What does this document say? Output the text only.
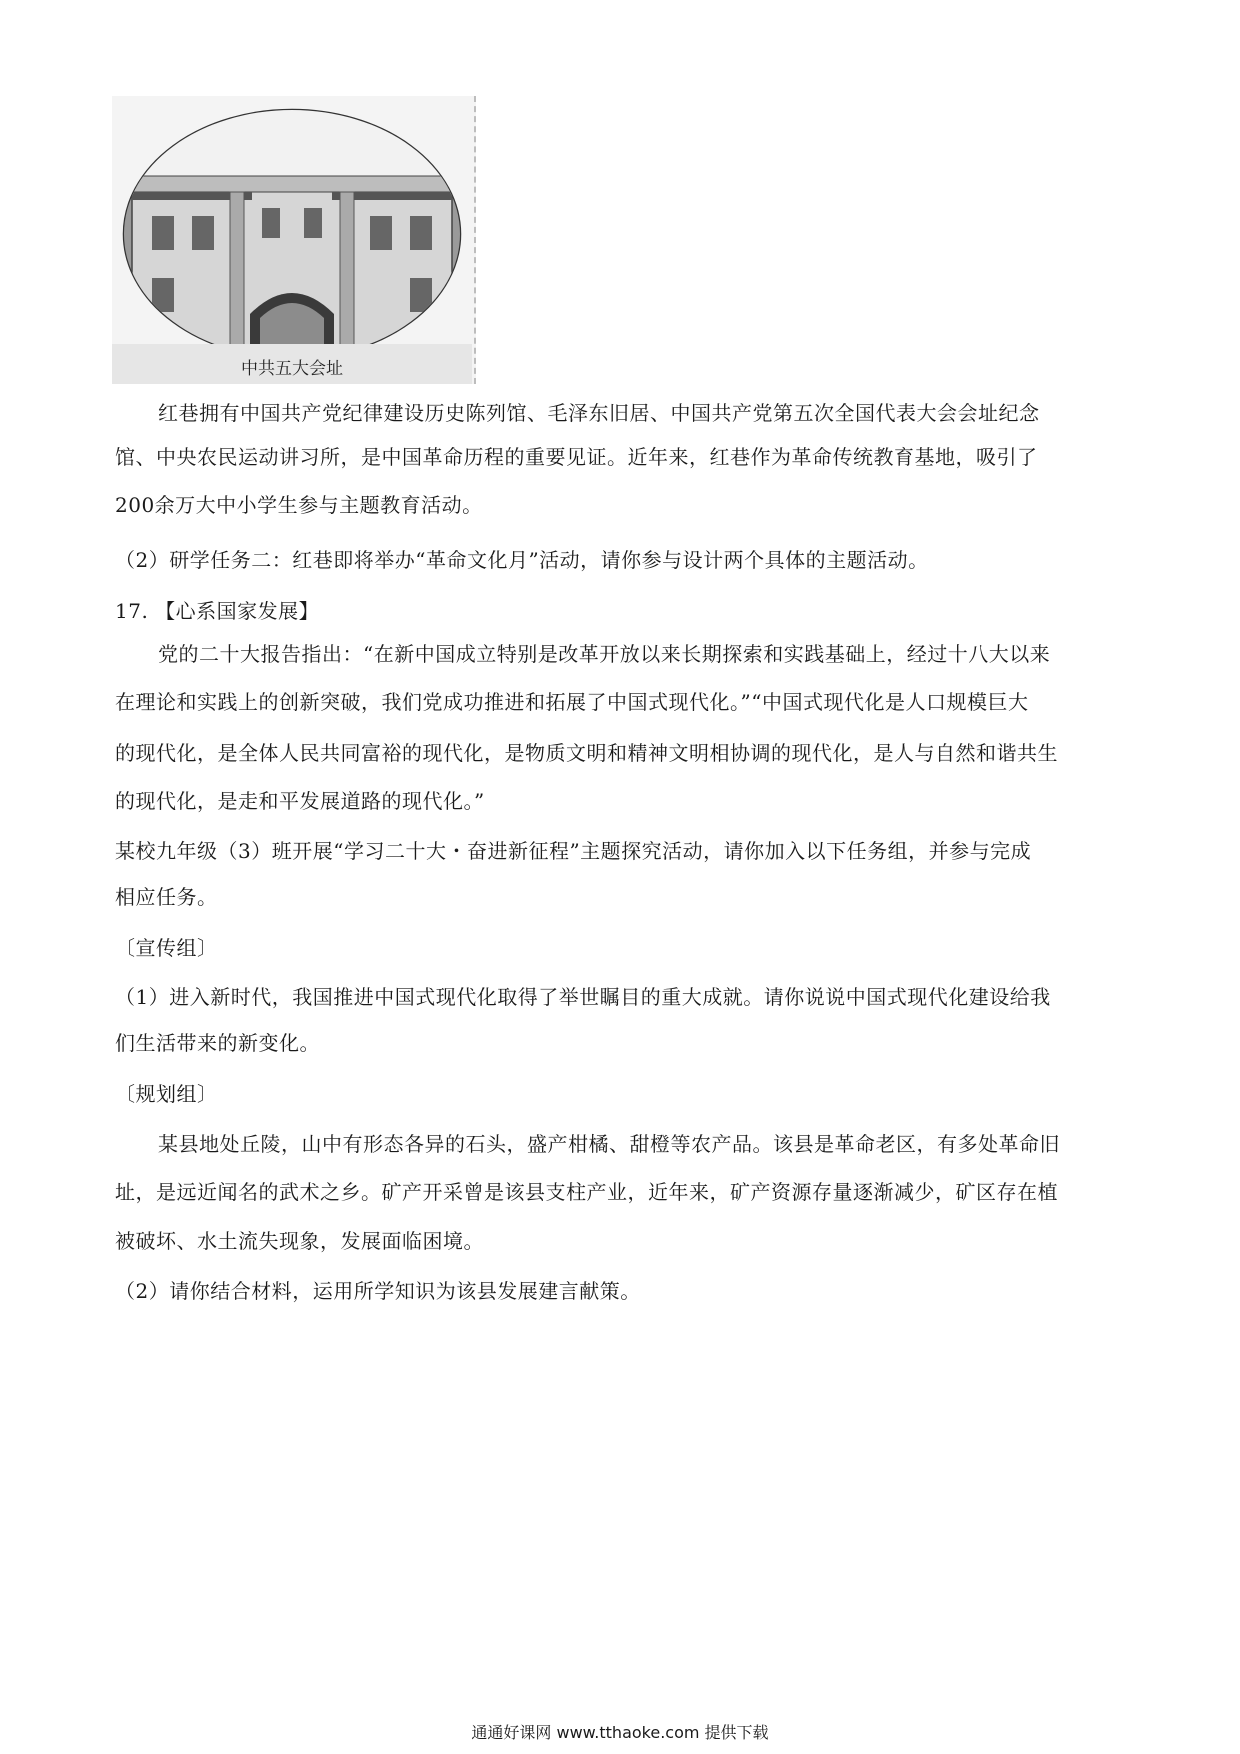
中共五大会址
红巷拥有中国共产党纪律建设历史陈列馆、毛泽东旧居、中国共产党第五次全国代表大会会址纪念
馆、中央农民运动讲习所，是中国革命历程的重要见证。近年来，红巷作为革命传统教育基地，吸引了
200余万大中小学生参与主题教育活动。
（2）研学任务二：红巷即将举办“革命文化月”活动，请你参与设计两个具体的主题活动。
17. 【心系国家发展】
党的二十大报告指出：“在新中国成立特别是改革开放以来长期探索和实践基础上，经过十八大以来
在理论和实践上的创新突破，我们党成功推进和拓展了中国式现代化。”“中国式现代化是人口规模巨大
的现代化，是全体人民共同富裕的现代化，是物质文明和精神文明相协调的现代化，是人与自然和谐共生
的现代化，是走和平发展道路的现代化。”
某校九年级（3）班开展“学习二十大・奋进新征程”主题探究活动，请你加入以下任务组，并参与完成
相应任务。
〔宣传组〕
（1）进入新时代，我国推进中国式现代化取得了举世瞩目的重大成就。请你说说中国式现代化建设给我
们生活带来的新变化。
〔规划组〕
某县地处丘陵，山中有形态各异的石头，盛产柑橘、甜橙等农产品。该县是革命老区，有多处革命旧
址，是远近闻名的武术之乡。矿产开采曾是该县支柱产业，近年来，矿产资源存量逐渐减少，矿区存在植
被破坏、水土流失现象，发展面临困境。
（2）请你结合材料，运用所学知识为该县发展建言献策。
通通好课网 www.tthaoke.com 提供下载
